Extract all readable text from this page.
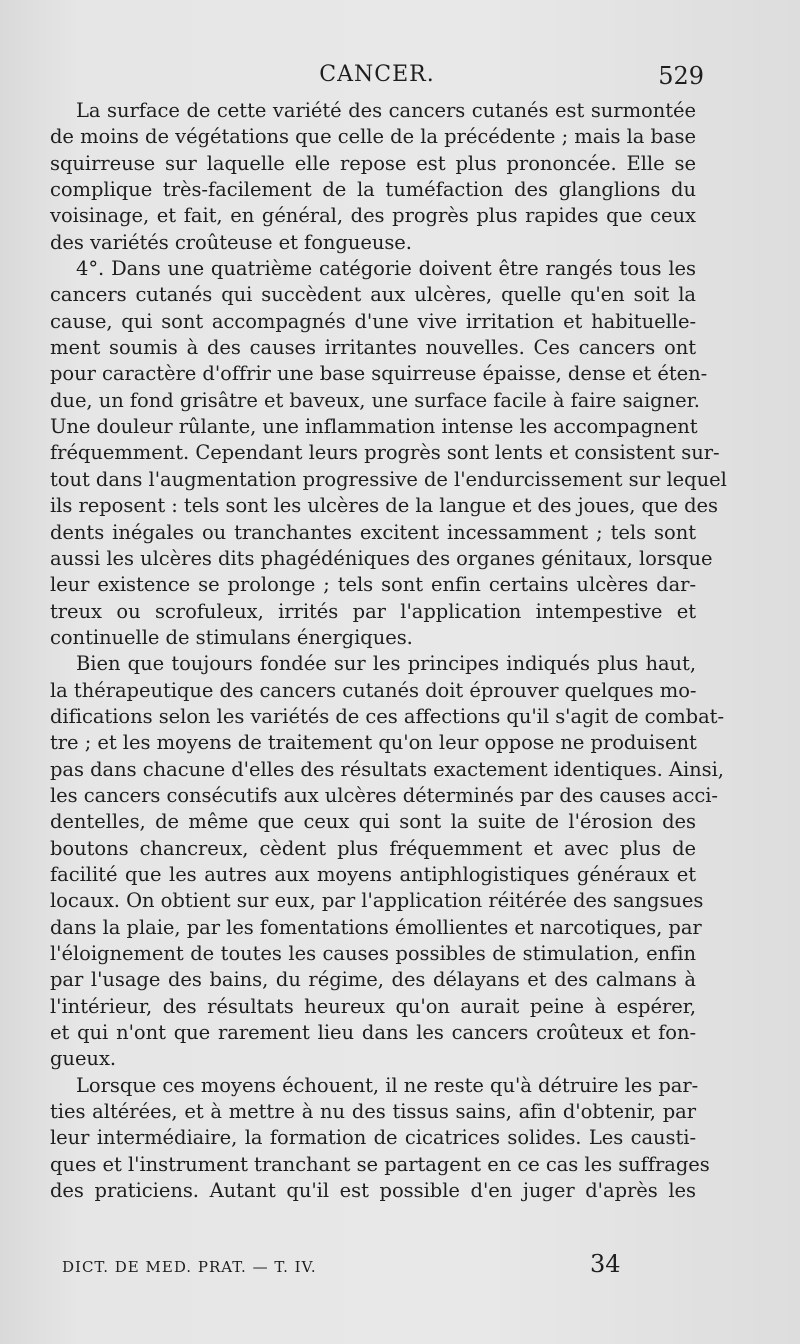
CANCER.	529
La surface de cette variété des cancers cutanés est surmontée
de moins de végétations que celle de la précédente ; mais la base
squirreuse sur laquelle elle repose est plus prononcée. Elle se
complique très-facilement de la tuméfaction des glanglions du
voisinage, et fait, en général, des progrès plus rapides que ceux
des variétés croûteuse et fongueuse.
4°. Dans une quatrième catégorie doivent être rangés tous les
cancers cutanés qui succèdent aux ulcères, quelle qu'en soit la
cause, qui sont accompagnés d'une vive irritation et habituelle-
ment soumis à des causes irritantes nouvelles. Ces cancers ont
pour caractère d'offrir une base squirreuse épaisse, dense et éten-
due, un fond grisâtre et baveux, une surface facile à faire saigner.
Une douleur rûlante, une inflammation intense les accompagnent
fréquemment. Cependant leurs progrès sont lents et consistent sur-
tout dans l'augmentation progressive de l'endurcissement sur lequel
ils reposent : tels sont les ulcères de la langue et des joues, que des
dents inégales ou tranchantes excitent incessamment ; tels sont
aussi les ulcères dits phagédéniques des organes génitaux, lorsque
leur existence se prolonge ; tels sont enfin certains ulcères dar-
treux ou scrofuleux, irrités par l'application intempestive et
continuelle de stimulans énergiques.
Bien que toujours fondée sur les principes indiqués plus haut,
la thérapeutique des cancers cutanés doit éprouver quelques mo-
difications selon les variétés de ces affections qu'il s'agit de combat-
tre ; et les moyens de traitement qu'on leur oppose ne produisent
pas dans chacune d'elles des résultats exactement identiques. Ainsi,
les cancers consécutifs aux ulcères déterminés par des causes acci-
dentelles, de même que ceux qui sont la suite de l'érosion des
boutons chancreux, cèdent plus fréquemment et avec plus de
facilité que les autres aux moyens antiphlogistiques généraux et
locaux. On obtient sur eux, par l'application réitérée des sangsues
dans la plaie, par les fomentations émollientes et narcotiques, par
l'éloignement de toutes les causes possibles de stimulation, enfin
par l'usage des bains, du régime, des délayans et des calmans à
l'intérieur, des résultats heureux qu'on aurait peine à espérer,
et qui n'ont que rarement lieu dans les cancers croûteux et fon-
gueux.
Lorsque ces moyens échouent, il ne reste qu'à détruire les par-
ties altérées, et à mettre à nu des tissus sains, afin d'obtenir, par
leur intermédiaire, la formation de cicatrices solides. Les causti-
ques et l'instrument tranchant se partagent en ce cas les suffrages
des praticiens. Autant qu'il est possible d'en juger d'après les
DICT. DE MED. PRAT. — T. IV.	34
